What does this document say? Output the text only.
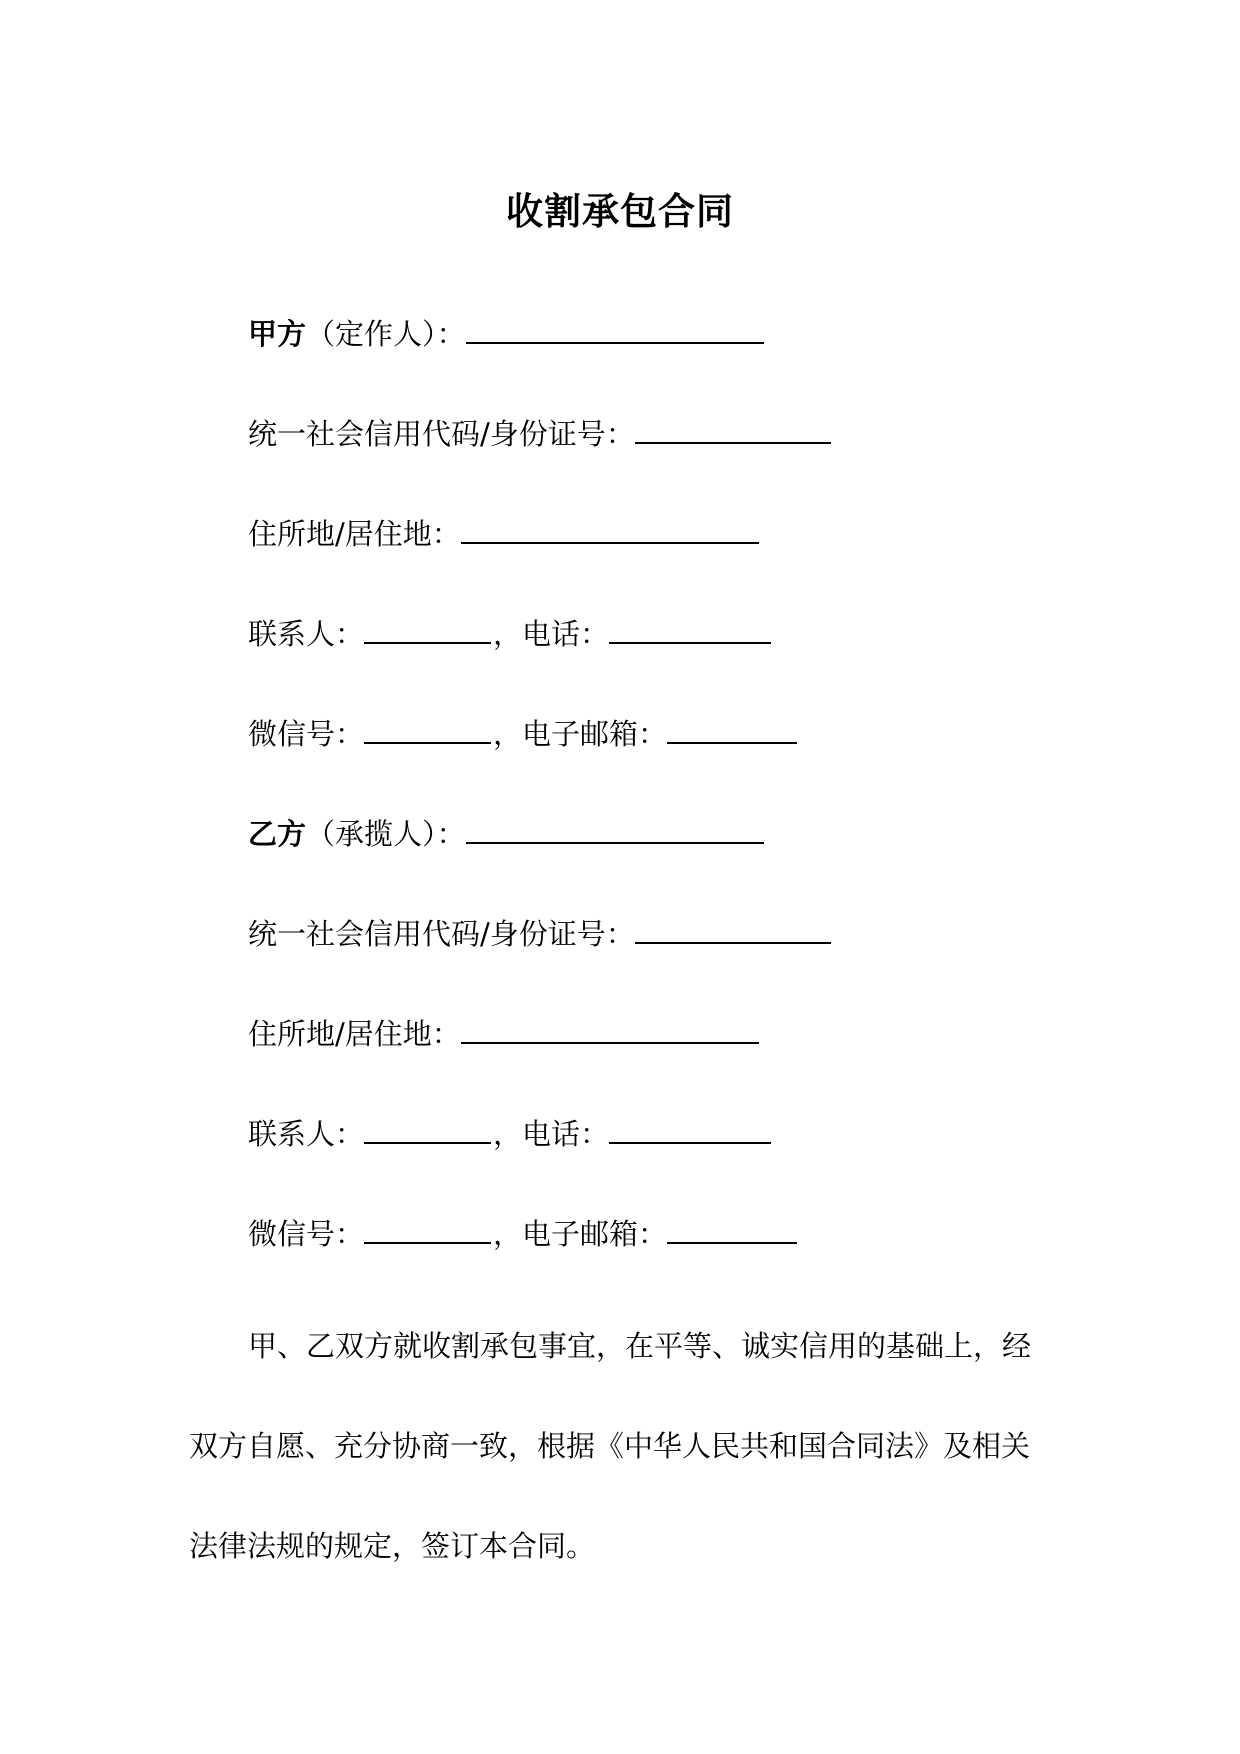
收割承包合同
甲方 （定作人）：
统一社会信用代码/身份证号：
住所地/居住地：
联系人：	，电话：
微信号：	，电子邮箱：
乙方 （承揽人）：
统一社会信用代码/身份证号：
住所地/居住地：
联系人：	，电话：
微信号：	，电子邮箱：
甲、乙双方就收割承包事宜，在平等、诚实信用的基础上，经
双方自愿、充分协商一致，根据《中华人民共和国合同法》及相关
法律法规的规定，签订本合同。
